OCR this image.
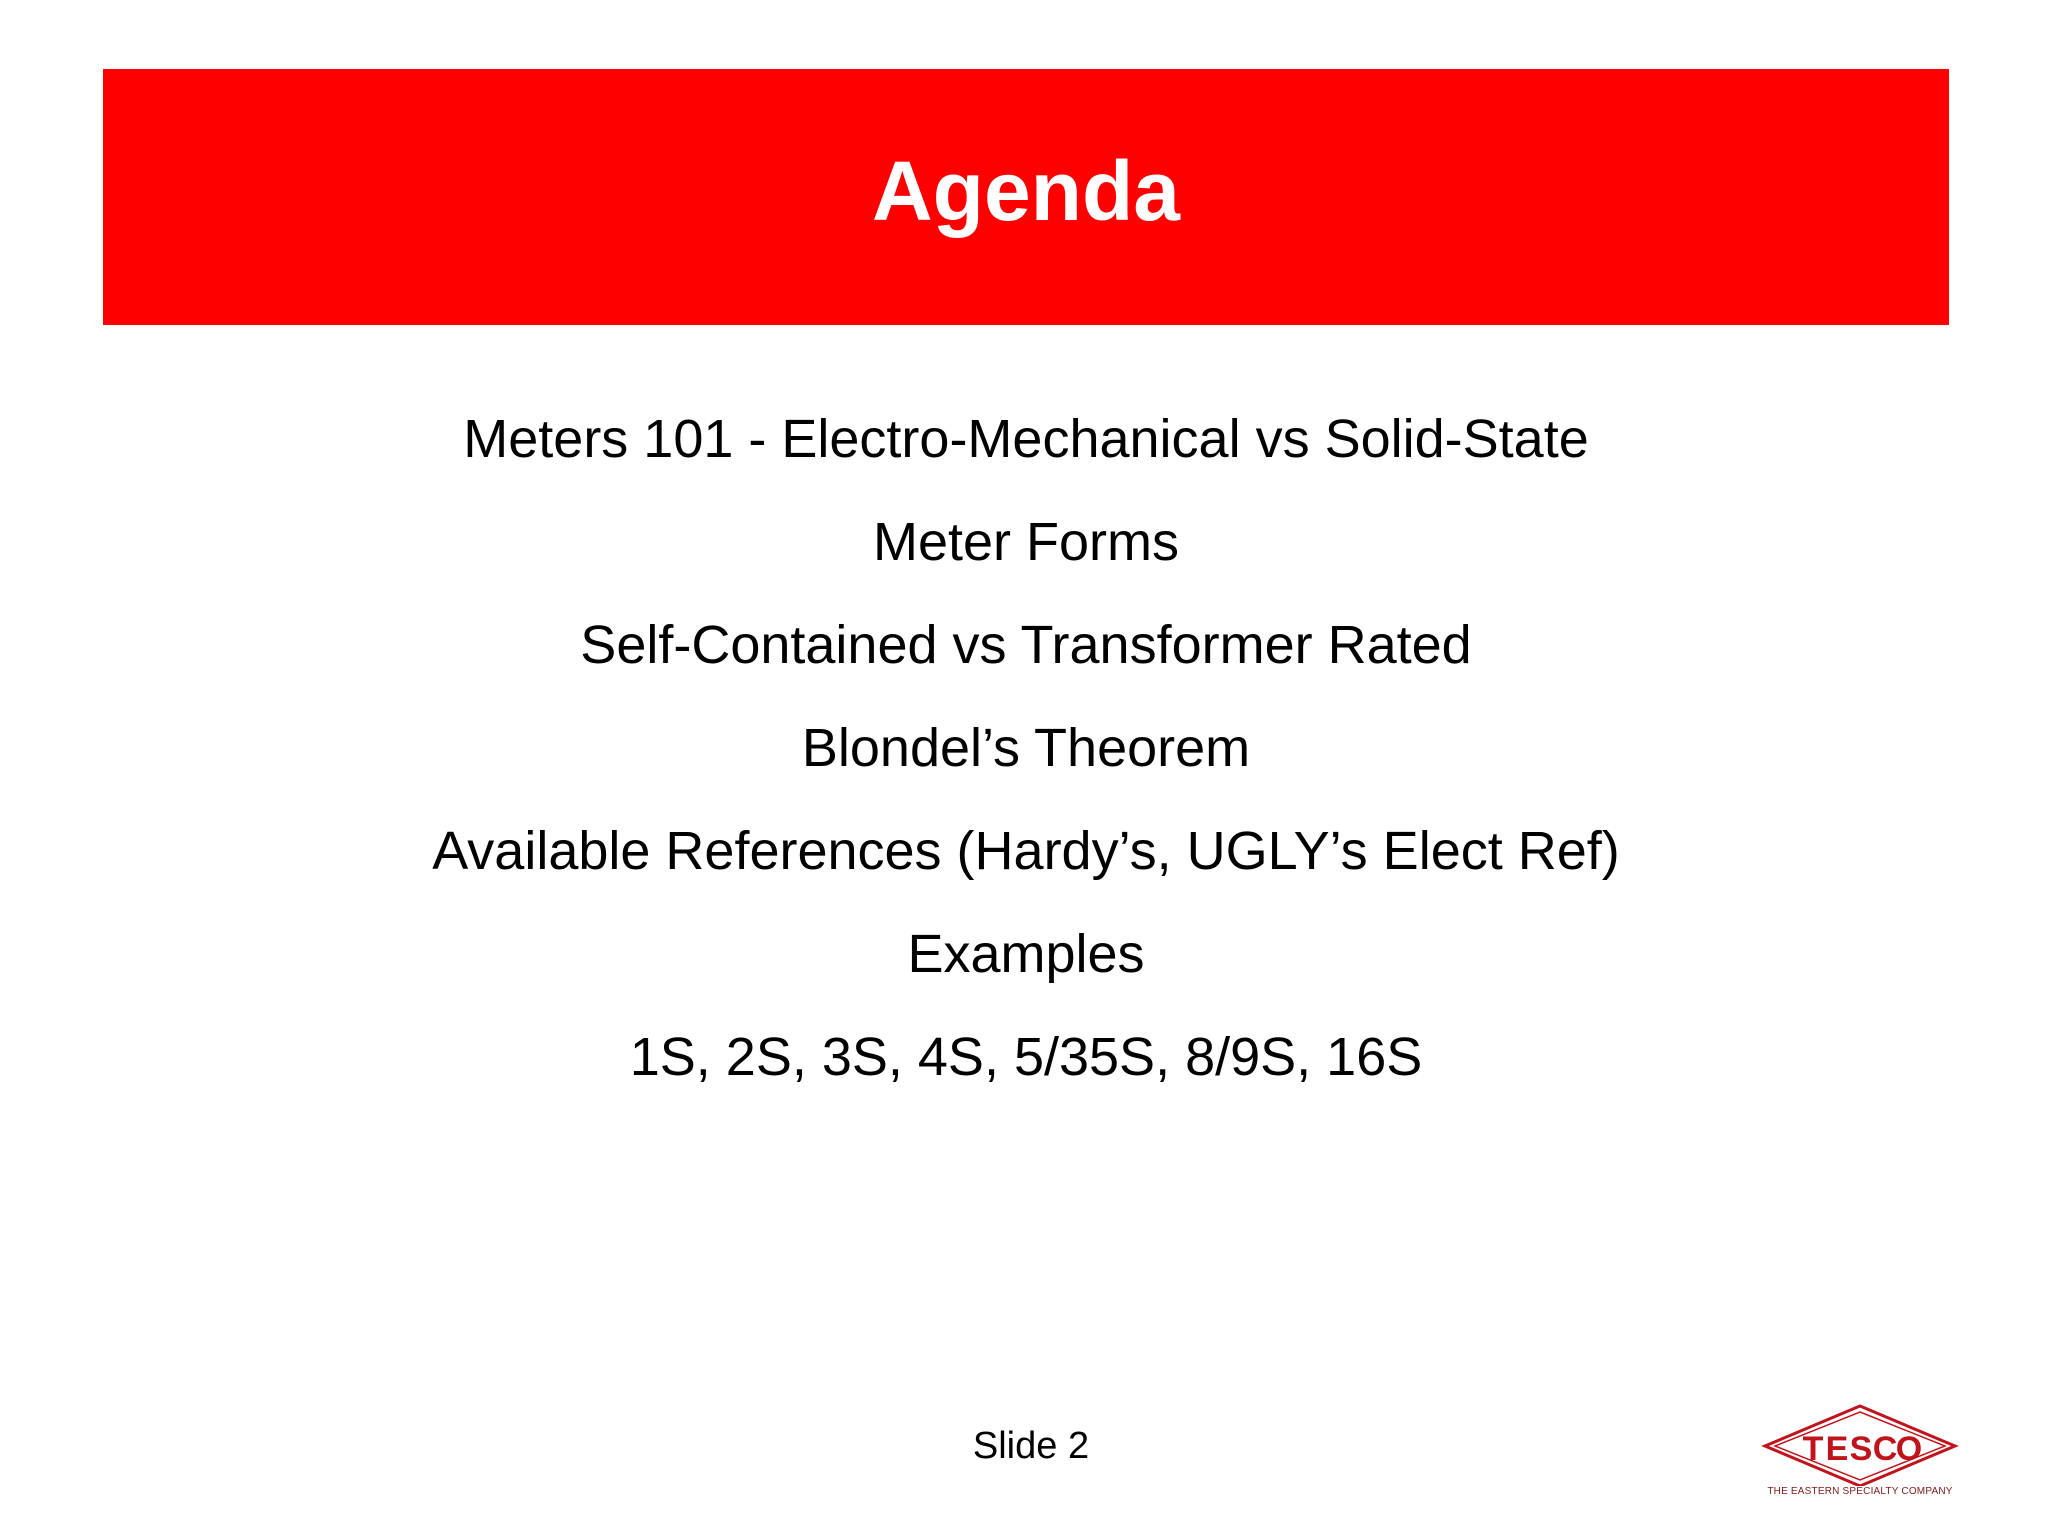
Agenda
Meters 101 - Electro-Mechanical vs Solid-State
Meter Forms
Self-Contained vs Transformer Rated
Blondel’s Theorem
Available References (Hardy’s, UGLY’s Elect Ref)
Examples
1S, 2S, 3S, 4S, 5/35S, 8/9S, 16S
Slide 2	T E S C
O
THE EASTERN SPECIALTY COMPANY
